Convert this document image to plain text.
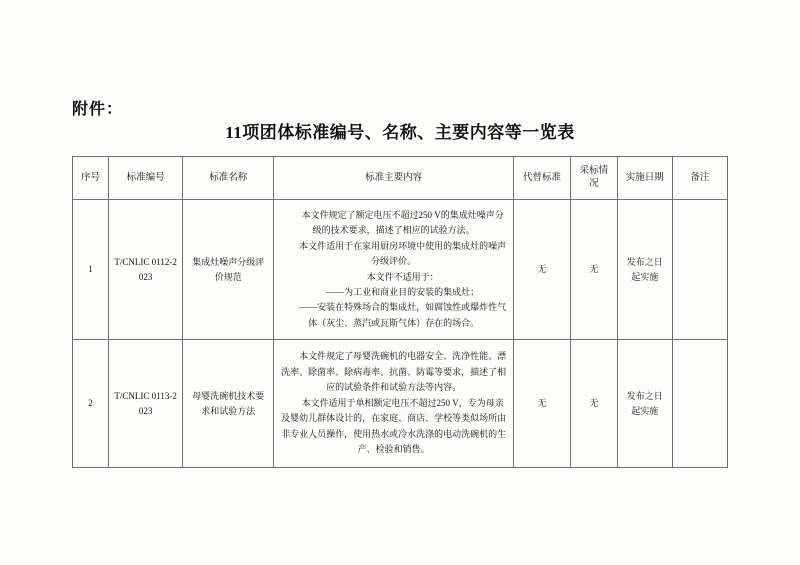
附件：
11项团体标准编号、名称、主要内容等一览表
序号	标准编号	标准名称	标准主要内容	代替标准	采标情况	实施日期	备注
1	T/CNLIC 0112-2023	集成灶噪声分级评价规范	本文件规定了额定电压不超过250 V的集成灶噪声分级的技术要求，描述了相应的试验方法。

本文件适用于在家用厨房环境中使用的集成灶的噪声分级评价。

本文件不适用于：

——为工业和商业目的安装的集成灶；

——安装在特殊场合的集成灶，如腐蚀性或爆炸性气体（灰尘、蒸汽或瓦斯气体）存在的场合。	无	无	发布之日起实施	
2	T/CNLIC 0113-2023	母婴洗碗机技术要求和试验方法	本文件规定了母婴洗碗机的电器安全、洗净性能、漂洗率、除菌率、除病毒率、抗菌、防霉等要求，描述了相应的试验条件和试验方法等内容。

本文件适用于单相额定电压不超过250 V，专为母亲及婴幼儿群体设计的，在家庭、商店、学校等类似场所由非专业人员操作，使用热水或冷水洗涤的电动洗碗机的生产、检验和销售。	无	无	发布之日起实施	
